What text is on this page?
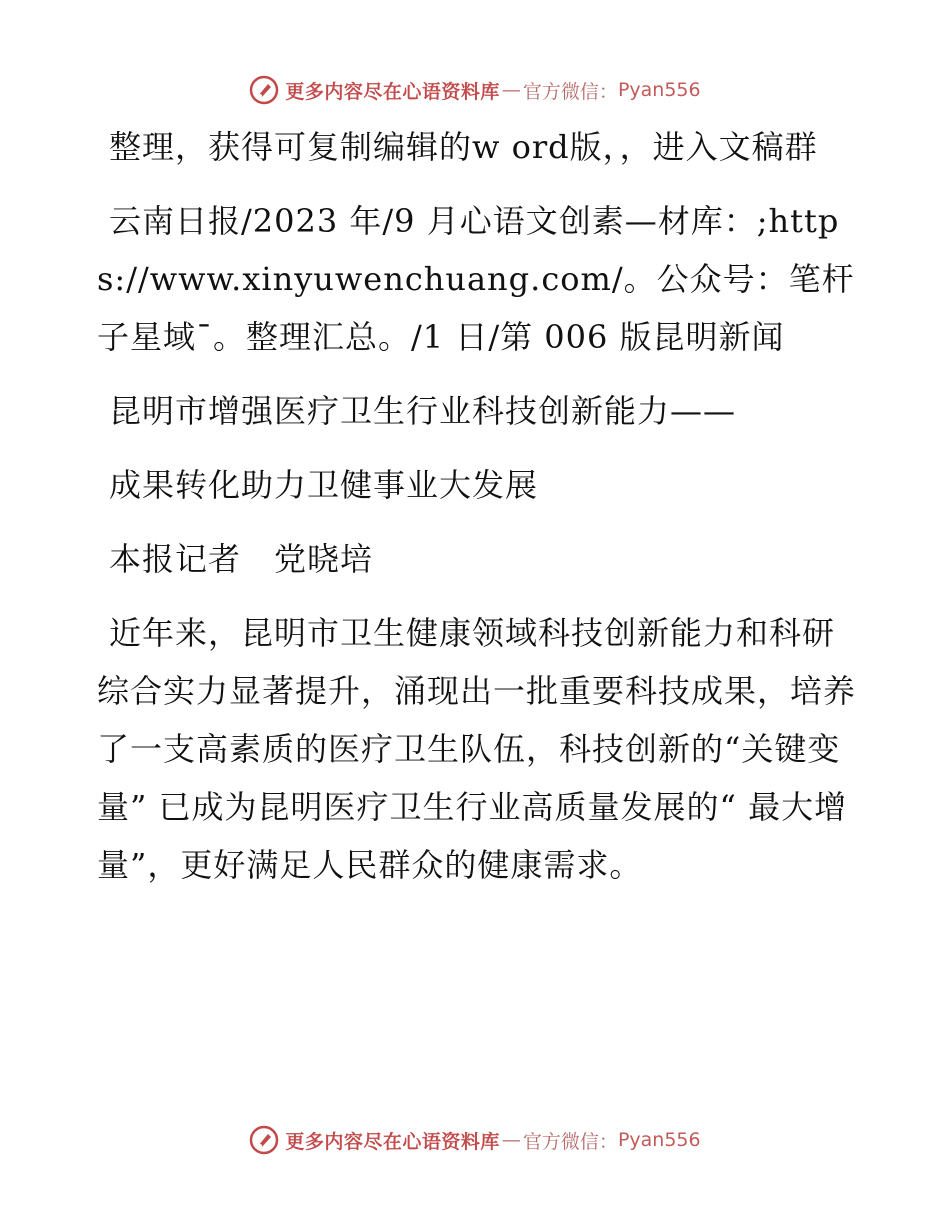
更多内容尽在心语资料库 — 官方微信： Pyan556

整理，获得可复制编辑的w ord版，，进入文稿群

云南日报/2023 年/9 月心语文创素—材库：;https://www.xinyuwenchuang.com/。公众号：笔杆子星域¯。整理汇总。/1 日/第 006 版昆明新闻

昆明市增强医疗卫生行业科技创新能力——

成果转化助力卫健事业大发展

本报记者　党晓培

近年来，昆明市卫生健康领域科技创新能力和科研综合实力显著提升，涌现出一批重要科技成果，培养了一支高素质的医疗卫生队伍，科技创新的“关键变量” 已成为昆明医疗卫生行业高质量发展的“ 最大增量”，更好满足人民群众的健康需求。

更多内容尽在心语资料库 — 官方微信： Pyan556
